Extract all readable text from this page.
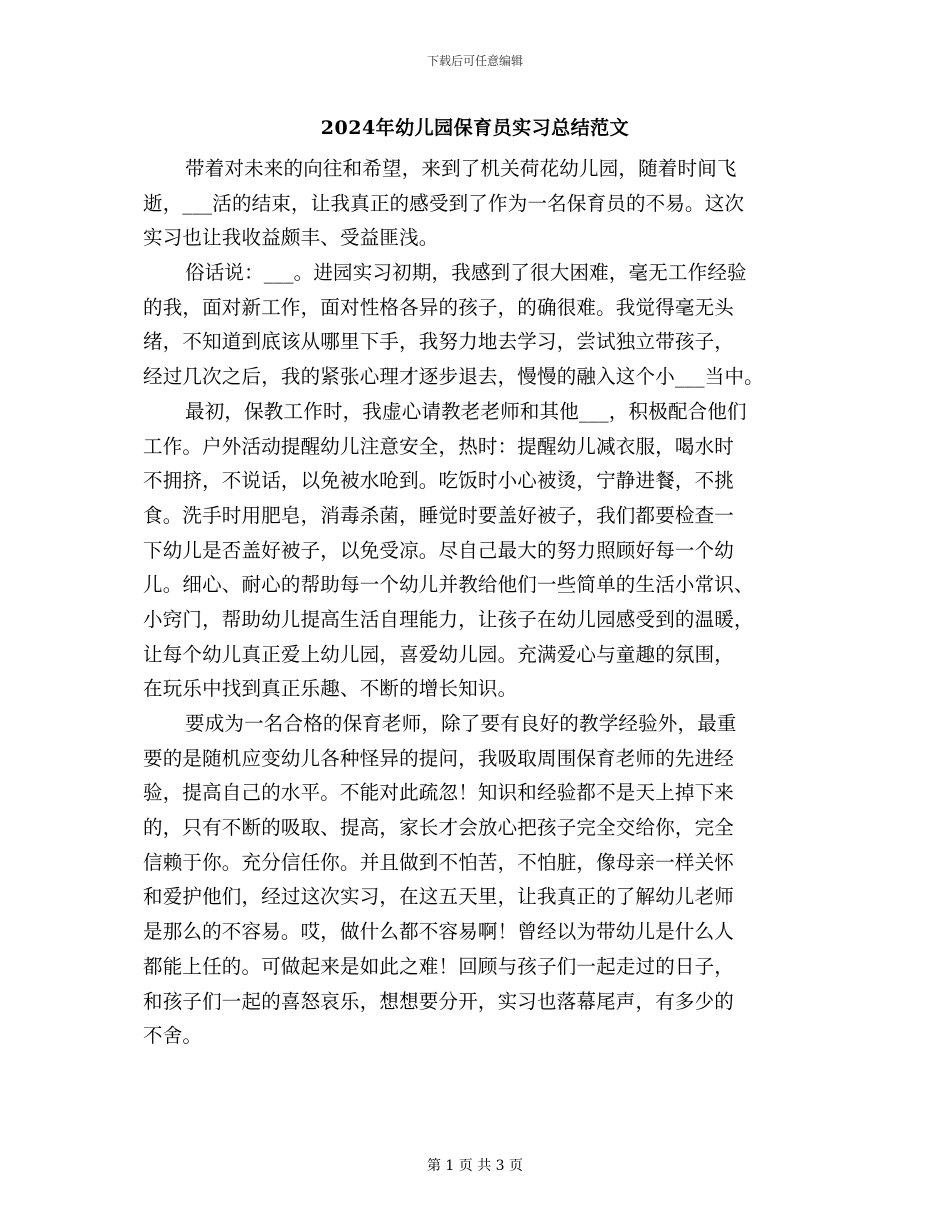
下载后可任意编辑
2024年幼儿园保育员实习总结范文
带着对未来的向往和希望，来到了机关荷花幼儿园，随着时间飞
逝，___活的结束，让我真正的感受到了作为一名保育员的不易。这次
实习也让我收益颇丰、受益匪浅。
俗话说：___。进园实习初期，我感到了很大困难，毫无工作经验
的我，面对新工作，面对性格各异的孩子，的确很难。我觉得毫无头
绪，不知道到底该从哪里下手，我努力地去学习，尝试独立带孩子，
经过几次之后，我的紧张心理才逐步退去，慢慢的融入这个小___当中。
最初，保教工作时，我虚心请教老老师和其他___，积极配合他们
工作。户外活动提醒幼儿注意安全，热时：提醒幼儿减衣服，喝水时
不拥挤，不说话，以免被水呛到。吃饭时小心被烫，宁静进餐，不挑
食。洗手时用肥皂，消毒杀菌，睡觉时要盖好被子，我们都要检查一
下幼儿是否盖好被子，以免受凉。尽自己最大的努力照顾好每一个幼
儿。细心、耐心的帮助每一个幼儿并教给他们一些简单的生活小常识、
小窍门，帮助幼儿提高生活自理能力，让孩子在幼儿园感受到的温暖，
让每个幼儿真正爱上幼儿园，喜爱幼儿园。充满爱心与童趣的氛围，
在玩乐中找到真正乐趣、不断的增长知识。
要成为一名合格的保育老师，除了要有良好的教学经验外，最重
要的是随机应变幼儿各种怪异的提问，我吸取周围保育老师的先进经
验，提高自己的水平。不能对此疏忽！知识和经验都不是天上掉下来
的，只有不断的吸取、提高，家长才会放心把孩子完全交给你，完全
信赖于你。充分信任你。并且做到不怕苦，不怕脏，像母亲一样关怀
和爱护他们，经过这次实习，在这五天里，让我真正的了解幼儿老师
是那么的不容易。哎，做什么都不容易啊！曾经以为带幼儿是什么人
都能上任的。可做起来是如此之难！回顾与孩子们一起走过的日子，
和孩子们一起的喜怒哀乐，想想要分开，实习也落幕尾声，有多少的
不舍。
第 1 页 共 3 页
